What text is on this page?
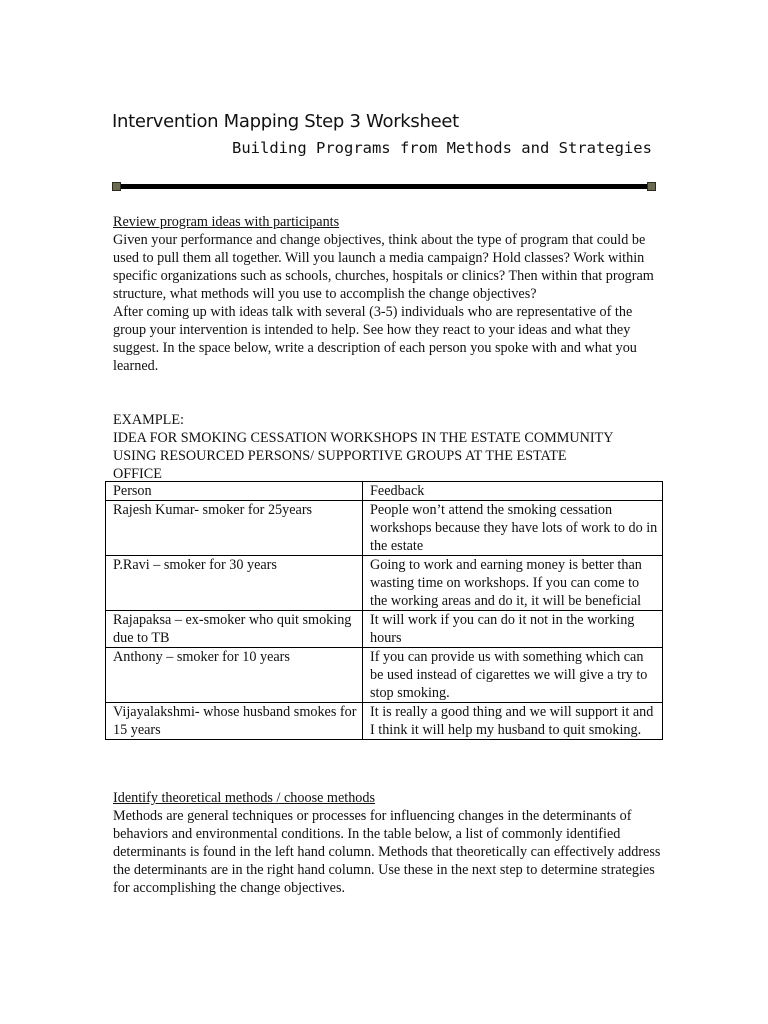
Intervention Mapping Step 3 Worksheet
Building Programs from Methods and Strategies
Review program ideas with participants

Given your performance and change objectives, think about the type of program that could be used to pull them all together. Will you launch a media campaign? Hold classes? Work within specific organizations such as schools, churches, hospitals or clinics? Then within that program structure, what methods will you use to accomplish the change objectives?

After coming up with ideas talk with several (3-5) individuals who are representative of the group your intervention is intended to help. See how they react to your ideas and what they suggest. In the space below, write a description of each person you spoke with and what you learned.

EXAMPLE:
IDEA FOR SMOKING CESSATION WORKSHOPS IN THE ESTATE COMMUNITY
USING RESOURCED PERSONS/ SUPPORTIVE GROUPS AT THE ESTATE
OFFICE
Person	Feedback
Rajesh Kumar- smoker for 25years	People won’t attend the smoking cessation workshops because they have lots of work to do in the estate
P.Ravi – smoker for 30 years	Going to work and earning money is better than wasting time on workshops. If you can come to the working areas and do it, it will be beneficial
Rajapaksa – ex-smoker who quit smoking due to TB	It will work if you can do it not in the working hours
Anthony – smoker for 10 years	If you can provide us with something which can be used instead of cigarettes we will give a try to stop smoking.
Vijayalakshmi- whose husband smokes for 15 years	It is really a good thing and we will support it and I think it will help my husband to quit smoking.
Identify theoretical methods / choose methods

Methods are general techniques or processes for influencing changes in the determinants of behaviors and environmental conditions. In the table below, a list of commonly identified determinants is found in the left hand column. Methods that theoretically can effectively address the determinants are in the right hand column. Use these in the next step to determine strategies for accomplishing the change objectives.
